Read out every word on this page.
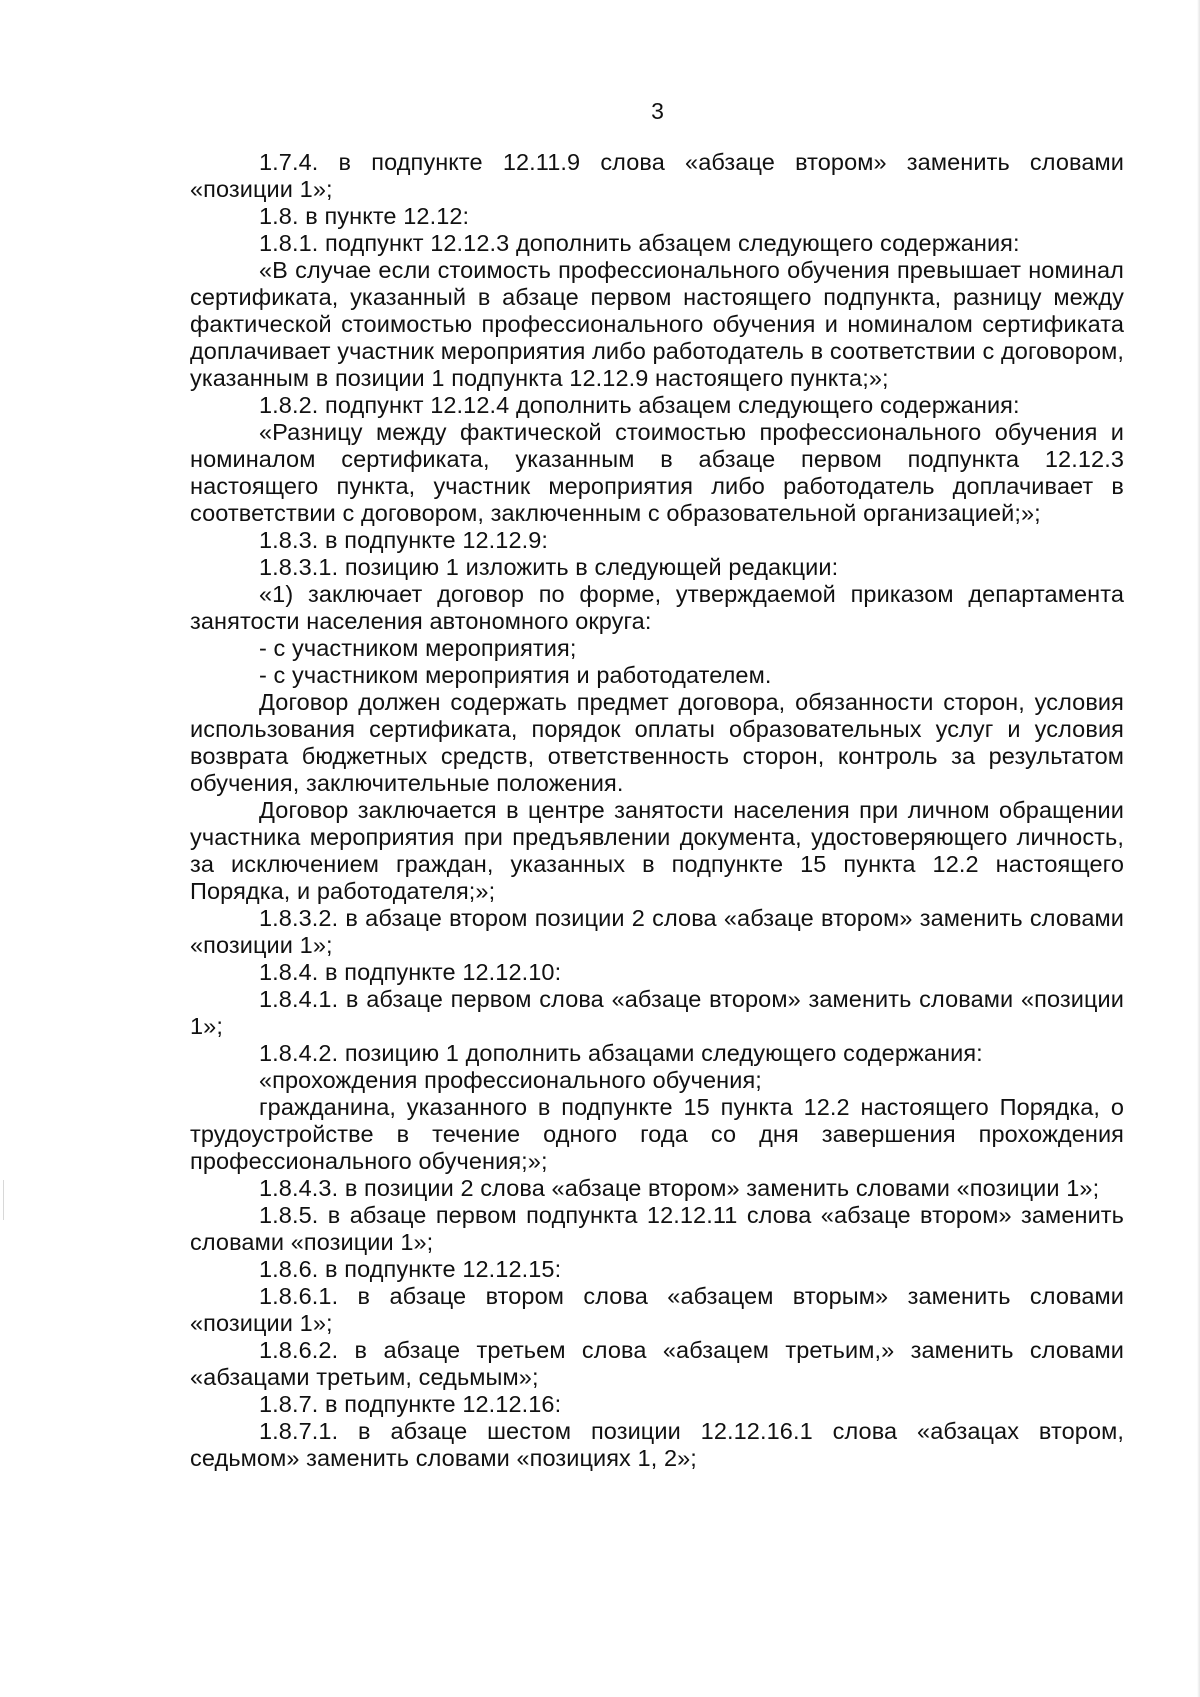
3

1.7.4. в подпункте 12.11.9 слова «абзаце втором» заменить словами «позиции 1»;

1.8. в пункте 12.12:

1.8.1. подпункт 12.12.3 дополнить абзацем следующего содержания:

«В случае если стоимость профессионального обучения превышает номинал сертификата, указанный в абзаце первом настоящего подпункта, разницу между фактической стоимостью профессионального обучения и номиналом сертификата доплачивает участник мероприятия либо работодатель в соответствии с договором, указанным в позиции 1 подпункта 12.12.9 настоящего пункта;»;

1.8.2. подпункт 12.12.4 дополнить абзацем следующего содержания:

«Разницу между фактической стоимостью профессионального обучения и номиналом сертификата, указанным в абзаце первом подпункта 12.12.3 настоящего пункта, участник мероприятия либо работодатель доплачивает в соответствии с договором, заключенным с образовательной организацией;»;

1.8.3. в подпункте 12.12.9:

1.8.3.1. позицию 1 изложить в следующей редакции:

«1) заключает договор по форме, утверждаемой приказом департамента занятости населения автономного округа:

- с участником мероприятия;

- с участником мероприятия и работодателем.

Договор должен содержать предмет договора, обязанности сторон, условия использования сертификата, порядок оплаты образовательных услуг и условия возврата бюджетных средств, ответственность сторон, контроль за результатом обучения, заключительные положения.

Договор заключается в центре занятости населения при личном обращении участника мероприятия при предъявлении документа, удостоверяющего личность, за исключением граждан, указанных в подпункте 15 пункта 12.2 настоящего Порядка, и работодателя;»;

1.8.3.2. в абзаце втором позиции 2 слова «абзаце втором» заменить словами «позиции 1»;

1.8.4. в подпункте 12.12.10:

1.8.4.1. в абзаце первом слова «абзаце втором» заменить словами «позиции 1»;

1.8.4.2. позицию 1 дополнить абзацами следующего содержания:

«прохождения профессионального обучения;

гражданина, указанного в подпункте 15 пункта 12.2 настоящего Порядка, о трудоустройстве в течение одного года со дня завершения прохождения профессионального обучения;»;

1.8.4.3. в позиции 2 слова «абзаце втором» заменить словами «позиции 1»;

1.8.5. в абзаце первом подпункта 12.12.11 слова «абзаце втором» заменить словами «позиции 1»;

1.8.6. в подпункте 12.12.15:

1.8.6.1. в абзаце втором слова «абзацем вторым» заменить словами «позиции 1»;

1.8.6.2. в абзаце третьем слова «абзацем третьим,» заменить словами «абзацами третьим, седьмым»;

1.8.7. в подпункте 12.12.16:

1.8.7.1. в абзаце шестом позиции 12.12.16.1 слова «абзацах втором, седьмом» заменить словами «позициях 1, 2»;
